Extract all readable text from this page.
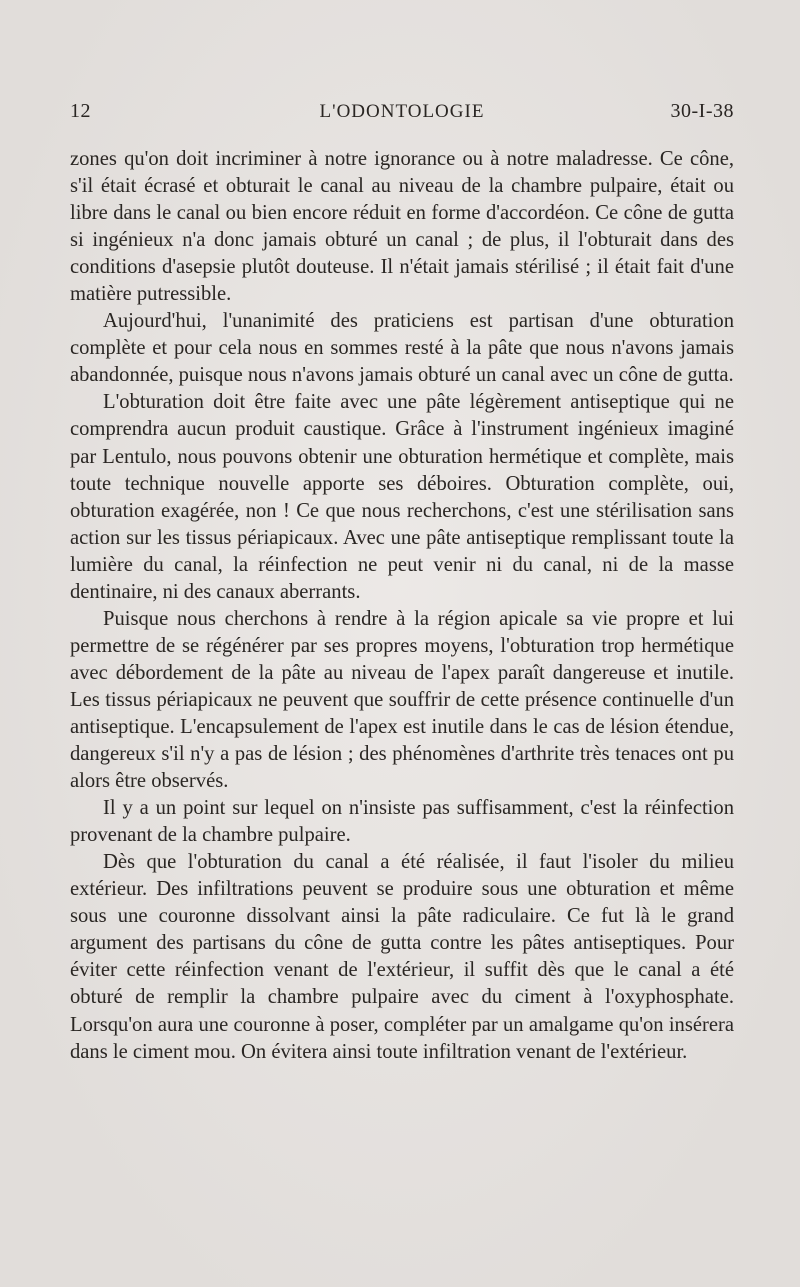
12	L'ODONTOLOGIE	30-I-38

zones qu'on doit incriminer à notre ignorance ou à notre maladresse. Ce cône, s'il était écrasé et obturait le canal au niveau de la chambre pulpaire, était ou libre dans le canal ou bien encore réduit en forme d'accordéon. Ce cône de gutta si ingénieux n'a donc jamais obturé un canal ; de plus, il l'obturait dans des conditions d'asepsie plutôt douteuse. Il n'était jamais stérilisé ; il était fait d'une matière putressible.

Aujourd'hui, l'unanimité des praticiens est partisan d'une obturation complète et pour cela nous en sommes resté à la pâte que nous n'avons jamais abandonnée, puisque nous n'avons jamais obturé un canal avec un cône de gutta.

L'obturation doit être faite avec une pâte légèrement antiseptique qui ne comprendra aucun produit caustique. Grâce à l'instrument ingénieux imaginé par Lentulo, nous pouvons obtenir une obturation hermétique et complète, mais toute technique nouvelle apporte ses déboires. Obturation complète, oui, obturation exagérée, non ! Ce que nous recherchons, c'est une stérilisation sans action sur les tissus périapicaux. Avec une pâte antiseptique remplissant toute la lumière du canal, la réinfection ne peut venir ni du canal, ni de la masse dentinaire, ni des canaux aberrants.

Puisque nous cherchons à rendre à la région apicale sa vie propre et lui permettre de se régénérer par ses propres moyens, l'obturation trop hermétique avec débordement de la pâte au niveau de l'apex paraît dangereuse et inutile. Les tissus périapicaux ne peuvent que souffrir de cette présence continuelle d'un antiseptique. L'encapsulement de l'apex est inutile dans le cas de lésion étendue, dangereux s'il n'y a pas de lésion ; des phénomènes d'arthrite très tenaces ont pu alors être observés.

Il y a un point sur lequel on n'insiste pas suffisamment, c'est la réinfection provenant de la chambre pulpaire.

Dès que l'obturation du canal a été réalisée, il faut l'isoler du milieu extérieur. Des infiltrations peuvent se produire sous une obturation et même sous une couronne dissolvant ainsi la pâte radiculaire. Ce fut là le grand argument des partisans du cône de gutta contre les pâtes antiseptiques. Pour éviter cette réinfection venant de l'extérieur, il suffit dès que le canal a été obturé de remplir la chambre pulpaire avec du ciment à l'oxyphosphate. Lorsqu'on aura une couronne à poser, compléter par un amalgame qu'on insérera dans le ciment mou. On évitera ainsi toute infiltration venant de l'extérieur.
